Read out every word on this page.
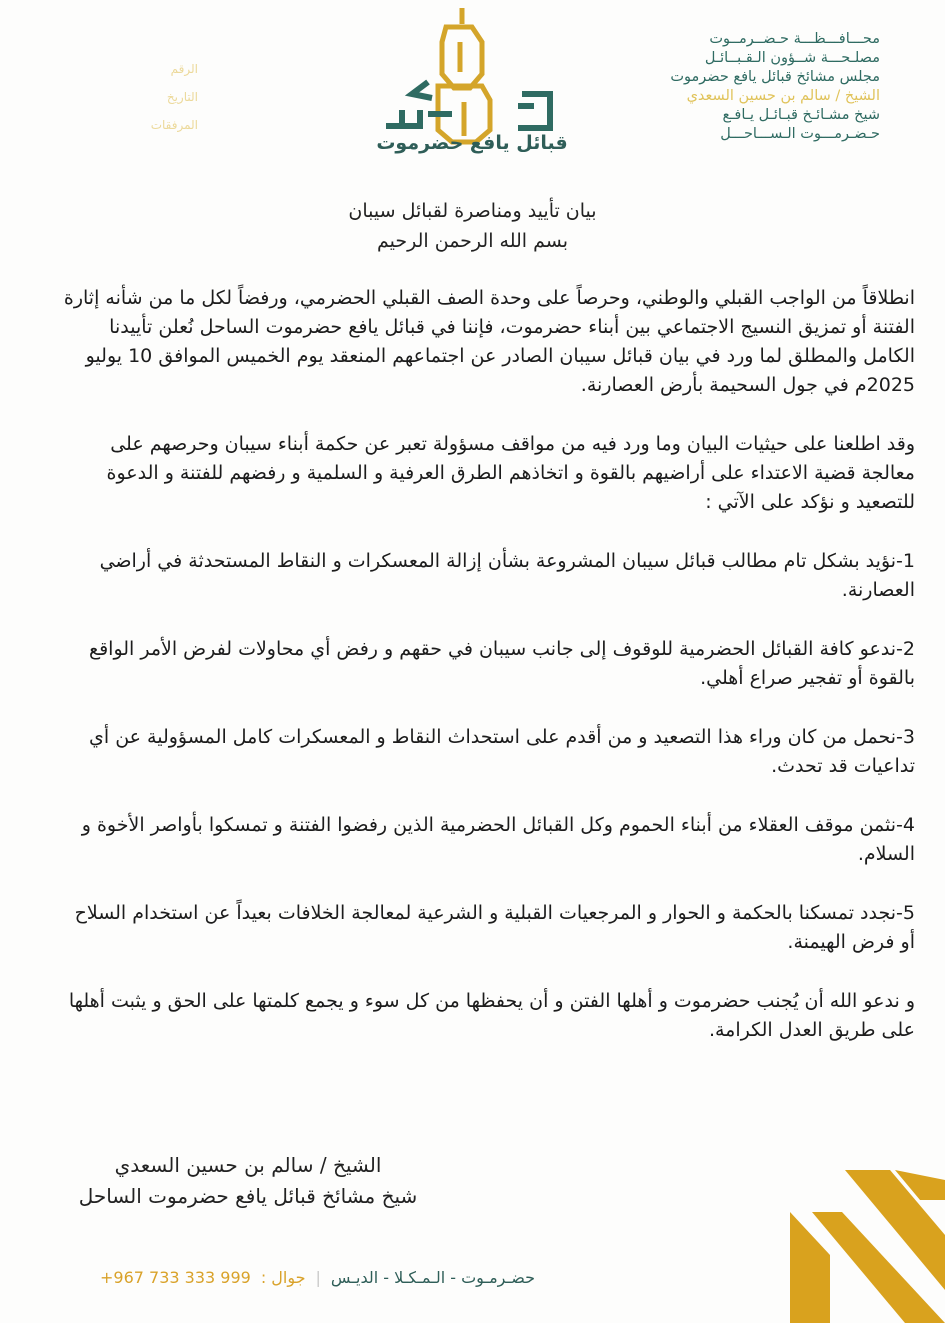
الرقم
التاريخ
المرفقات
قبائل يافع حضرموت
محـــافـــظـــة حـضــرمــوت
مصلـحـــة شــؤون الـقـبــائـل
مجلس مشائخ قبائل يافع حضرموت
الشيخ / سالم بن حسين السعدي
شيخ مشـائـخ قبـائـل يـافـع
حـضـرمـــوت الـســـاحـــل
بيان تأييد ومناصرة لقبائل سيبان
بسم الله الرحمن الرحيم

انطلاقاً من الواجب القبلي والوطني، وحرصاً على وحدة الصف القبلي الحضرمي، ورفضاً لكل ما من شأنه إثارة الفتنة أو تمزيق النسيج الاجتماعي بين أبناء حضرموت، فإننا في قبائل يافع حضرموت الساحل نُعلن تأييدنا الكامل والمطلق لما ورد في بيان قبائل سيبان الصادر عن اجتماعهم المنعقد يوم الخميس الموافق 10 يوليو 2025م في جول السحيمة بأرض العصارنة.

وقد اطلعنا على حيثيات البيان وما ورد فيه من مواقف مسؤولة تعبر عن حكمة أبناء سيبان وحرصهم على معالجة قضية الاعتداء على أراضيهم بالقوة و اتخاذهم الطرق العرفية و السلمية و رفضهم للفتنة و الدعوة للتصعيد و نؤكد على الآتي :

1-نؤيد بشكل تام مطالب قبائل سيبان المشروعة بشأن إزالة المعسكرات و النقاط المستحدثة في أراضي العصارنة.

2-ندعو كافة القبائل الحضرمية للوقوف إلى جانب سيبان في حقهم و رفض أي محاولات لفرض الأمر الواقع بالقوة أو تفجير صراع أهلي.

3-نحمل من كان وراء هذا التصعيد و من أقدم على استحداث النقاط و المعسكرات كامل المسؤولية عن أي تداعيات قد تحدث.

4-نثمن موقف العقلاء من أبناء الحموم وكل القبائل الحضرمية الذين رفضوا الفتنة و تمسكوا بأواصر الأخوة و السلام.

5-نجدد تمسكنا بالحكمة و الحوار و المرجعيات القبلية و الشرعية لمعالجة الخلافات بعيداً عن استخدام السلاح أو فرض الهيمنة.

و ندعو الله أن يُجنب حضرموت و أهلها الفتن و أن يحفظها من كل سوء و يجمع كلمتها على الحق و يثبت أهلها على طريق العدل الكرامة.

الشيخ / سالم بن حسين السعدي
شيخ مشائخ قبائل يافع حضرموت الساحل
حضـرمـوت - الـمـكـلا - الديـس
|
جوال :
+967 733 333 999
